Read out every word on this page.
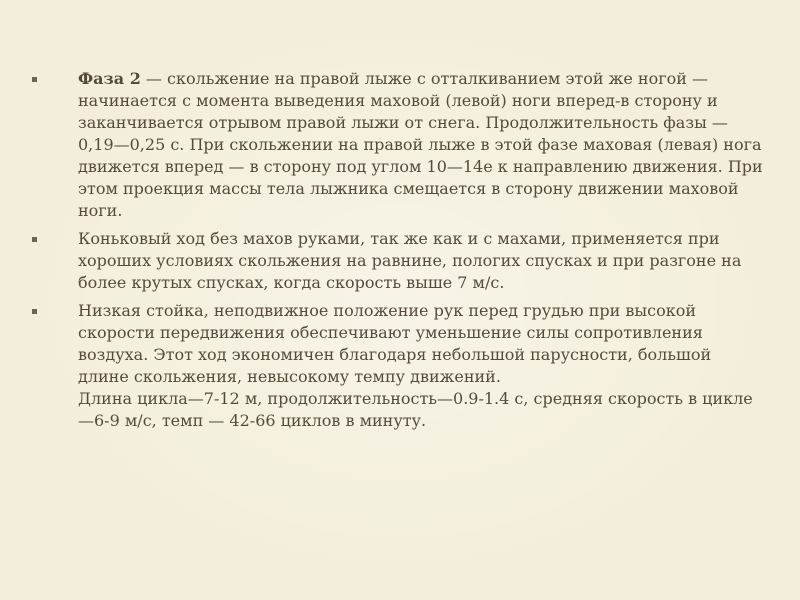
Фаза 2 — скольжение на правой лыже с отталкиванием этой же ногой — начинается с момента выведения маховой (левой) ноги вперед-в сторону и заканчивается отрывом правой лыжи от снега. Продолжительность фазы — 0,19—0,25 с. При скольжении на правой лыже в этой фазе маховая (левая) нога движется вперед — в сторону под углом 10—14е к направлению движения. При этом проекция массы тела лыжника смещается в сторону движении маховой ноги.

Коньковый ход без махов руками, так же как и с махами, применяется при хороших условиях скольжения на равнине, пологих спусках и при разгоне на более крутых спусках, когда скорость выше 7 м/с.

Низкая стойка, неподвижное положение рук перед грудью при высокой скорости передвижения обеспечивают уменьшение силы сопротивления воздуха. Этот ход экономичен благодаря небольшой парусности, большой длине скольжения, невысокому темпу движений.
Длина цикла—7-12 м, продолжительность—0.9-1.4 с, средняя скорость в цикле—6-9 м/с, темп — 42-66 циклов в минуту.
